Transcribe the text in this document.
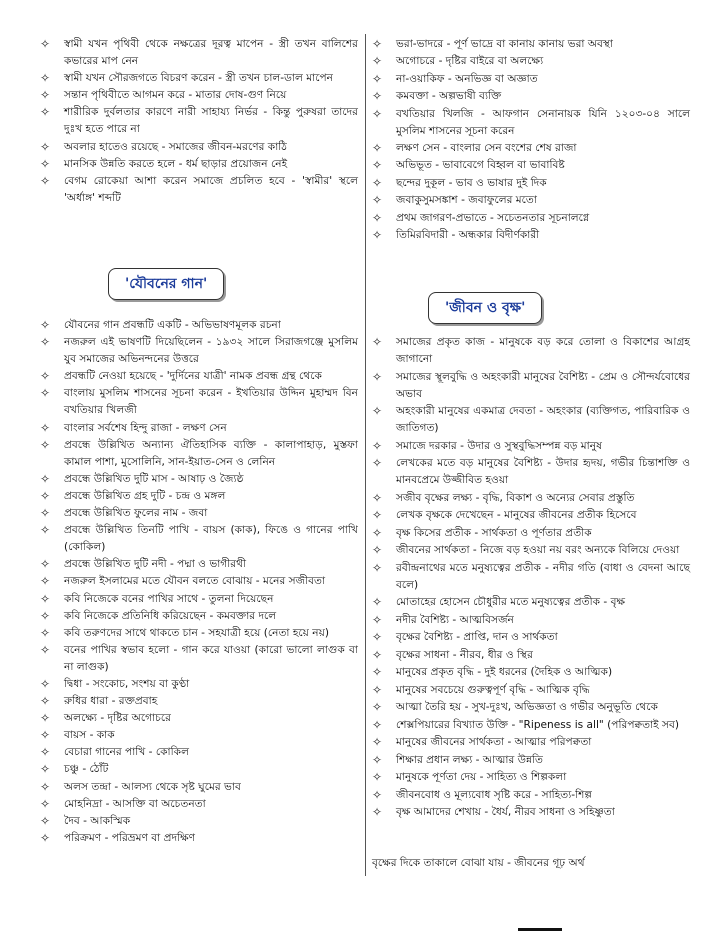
✧ স্বামী যখন পৃথিবী থেকে নক্ষত্রের দূরত্ব মাপেন - স্ত্রী তখন বালিশের কভারের মাপ নেন
✧ স্বামী যখন সৌরজগতে বিচরণ করেন - স্ত্রী তখন চাল-ডাল মাপেন
✧ সন্তান পৃথিবীতে আগমন করে - মাতার দোষ-গুণ নিয়ে
✧ শারীরিক দুর্বলতার কারণে নারী সাহায্য নির্ভর - কিন্তু পুরুষরা তাদের দুঃখ হতে পারে না
✧ অবলার হাতেও রয়েছে - সমাজের জীবন-মরণের কাঠি
✧ মানসিক উন্নতি করতে হলে - ধর্ম ছাড়ার প্রয়োজন নেই
✧ বেগম রোকেয়া আশা করেন সমাজে প্রচলিত হবে - 'স্বামীর' স্থলে 'অর্ধাঙ্গ' শব্দটি
'যৌবনের গান'
✧ যৌবনের গান প্রবন্ধটি একটি - অভিভাষণমূলক রচনা
✧ নজরুল এই ভাষণটি দিয়েছিলেন - ১৯৩২ সালে সিরাজগঞ্জে মুসলিম যুব সমাজের অভিনন্দনের উত্তরে
✧ প্রবন্ধটি নেওয়া হয়েছে - 'দুর্দিনের যাত্রী' নামক প্রবন্ধ গ্রন্থ থেকে
✧ বাংলায় মুসলিম শাসনের সূচনা করেন - ইখতিয়ার উদ্দিন মুহাম্মদ বিন বখতিয়ার খিলজী
✧ বাংলার সর্বশেষ হিন্দু রাজা - লক্ষণ সেন
✧ প্রবন্ধে উল্লিখিত অন্যান্য ঐতিহাসিক ব্যক্তি - কালাপাহাড়, মুস্তফা কামাল পাশা, মুসোলিনি, সান-ইয়াত-সেন ও লেনিন
✧ প্রবন্ধে উল্লিখিত দুটি মাস - আষাঢ় ও জ্যৈষ্ঠ
✧ প্রবন্ধে উল্লিখিত গ্রহ দুটি - চন্দ্র ও মঙ্গল
✧ প্রবন্ধে উল্লিখিত ফুলের নাম - জবা
✧ প্রবন্ধে উল্লিখিত তিনটি পাখি - বায়স (কাক), ফিঙে ও গানের পাখি (কোকিল)
✧ প্রবন্ধে উল্লিখিত দুটি নদী - পদ্মা ও ভাগীরথী
✧ নজরুল ইসলামের মতে যৌবন বলতে বোঝায় - মনের সজীবতা
✧ কবি নিজেকে বনের পাখির সাথে - তুলনা দিয়েছেন
✧ কবি নিজেকে প্রতিনিধি করিয়েছেন - কমবক্তার দলে
✧ কবি তরুণদের সাথে থাকতে চান - সহযাত্রী হয়ে (নেতা হয়ে নয়)
✧ বনের পাখির স্বভাব হলো - গান করে যাওয়া (কারো ভালো লাগুক বা না লাগুক)
✧ দ্বিধা - সংকোচ, সংশয় বা কুণ্ঠা
✧ রুধির ধারা - রক্তপ্রবাহ
✧ অলক্ষ্যে - দৃষ্টির অগোচরে
✧ বায়স - কাক
✧ বেচারা গানের পাখি - কোকিল
✧ চঞ্চু - ঠোঁট
✧ অলস তন্দ্রা - আলস্য থেকে সৃষ্ট ঘুমের ভাব
✧ মোহনিদ্রা - আসক্তি বা অচেতনতা
✧ দৈব - আকস্মিক
✧ পরিক্রমণ - পরিভ্রমণ বা প্রদক্ষিণ
✧ ভরা-ভাদরে - পূর্ণ ভাদ্রে বা কানায় কানায় ভরা অবস্থা
✧ অগোচরে - দৃষ্টির বাইরে বা অলক্ষ্যে
✧ না-ওয়াকিফ - অনভিজ্ঞ বা অজ্ঞাত
✧ কমবক্তা - অল্পভাষী ব্যক্তি
✧ বখতিয়ার খিলজি - আফগান সেনানায়ক যিনি ১২০৩-০৪ সালে মুসলিম শাসনের সূচনা করেন
✧ লক্ষণ সেন - বাংলার সেন বংশের শেষ রাজা
✧ অভিভূত - ভাবাবেগে বিহ্বল বা ভাবাবিষ্ট
✧ ছন্দের দুকূল - ভাব ও ভাষার দুই দিক
✧ জবাকুসুমসঙ্কাশ - জবাফুলের মতো
✧ প্রথম জাগরণ-প্রভাতে - সচেতনতার সূচনালগ্নে
✧ তিমিরবিদারী - অন্ধকার বিদীর্ণকারী
'জীবন ও বৃক্ষ'
✧ সমাজের প্রকৃত কাজ - মানুষকে বড় করে তোলা ও বিকাশের আগ্রহ জাগানো
✧ সমাজের স্থূলবুদ্ধি ও অহংকারী মানুষের বৈশিষ্ট্য - প্রেম ও সৌন্দর্যবোধের অভাব
✧ অহংকারী মানুষের একমাত্র দেবতা - অহংকার (ব্যক্তিগত, পারিবারিক ও জাতিগত)
✧ সমাজে দরকার - উদার ও সুস্থবুদ্ধিসম্পন্ন বড় মানুষ
✧ লেখকের মতে বড় মানুষের বৈশিষ্ট্য - উদার হৃদয়, গভীর চিন্তাশক্তি ও মানবপ্রেমে উজ্জীবিত হওয়া
✧ সজীব বৃক্ষের লক্ষ্য - বৃদ্ধি, বিকাশ ও অন্যের সেবার প্রস্তুতি
✧ লেখক বৃক্ষকে দেখেছেন - মানুষের জীবনের প্রতীক হিসেবে
✧ বৃক্ষ কিসের প্রতীক - সার্থকতা ও পূর্ণতার প্রতীক
✧ জীবনের সার্থকতা - নিজে বড় হওয়া নয় বরং অন্যকে বিলিয়ে দেওয়া
✧ রবীন্দ্রনাথের মতে মনুষ্যত্বের প্রতীক - নদীর গতি (বাধা ও বেদনা আছে বলে)
✧ মোতাহের হোসেন চৌধুরীর মতে মনুষ্যত্বের প্রতীক - বৃক্ষ
✧ নদীর বৈশিষ্ট্য - আত্মবিসর্জন
✧ বৃক্ষের বৈশিষ্ট্য - প্রাপ্তি, দান ও সার্থকতা
✧ বৃক্ষের সাধনা - নীরব, ধীর ও স্থির
✧ মানুষের প্রকৃত বৃদ্ধি - দুই ধরনের (দৈহিক ও আত্মিক)
✧ মানুষের সবচেয়ে গুরুত্বপূর্ণ বৃদ্ধি - আত্মিক বৃদ্ধি
✧ আত্মা তৈরি হয় - সুখ-দুঃখ, অভিজ্ঞতা ও গভীর অনুভূতি থেকে
✧ শেক্সপিয়ারের বিখ্যাত উক্তি - "Ripeness is all" (পরিপক্বতাই সব)
✧ মানুষের জীবনের সার্থকতা - আত্মার পরিপক্বতা
✧ শিক্ষার প্রধান লক্ষ্য - আত্মার উন্নতি
✧ মানুষকে পূর্ণতা দেয় - সাহিত্য ও শিল্পকলা
✧ জীবনবোধ ও মূল্যবোধ সৃষ্টি করে - সাহিত্য-শিল্প
✧ বৃক্ষ আমাদের শেখায় - ধৈর্য, নীরব সাধনা ও সহিষ্ণুতা
বৃক্ষের দিকে তাকালে বোঝা যায় - জীবনের গূঢ় অর্থ
